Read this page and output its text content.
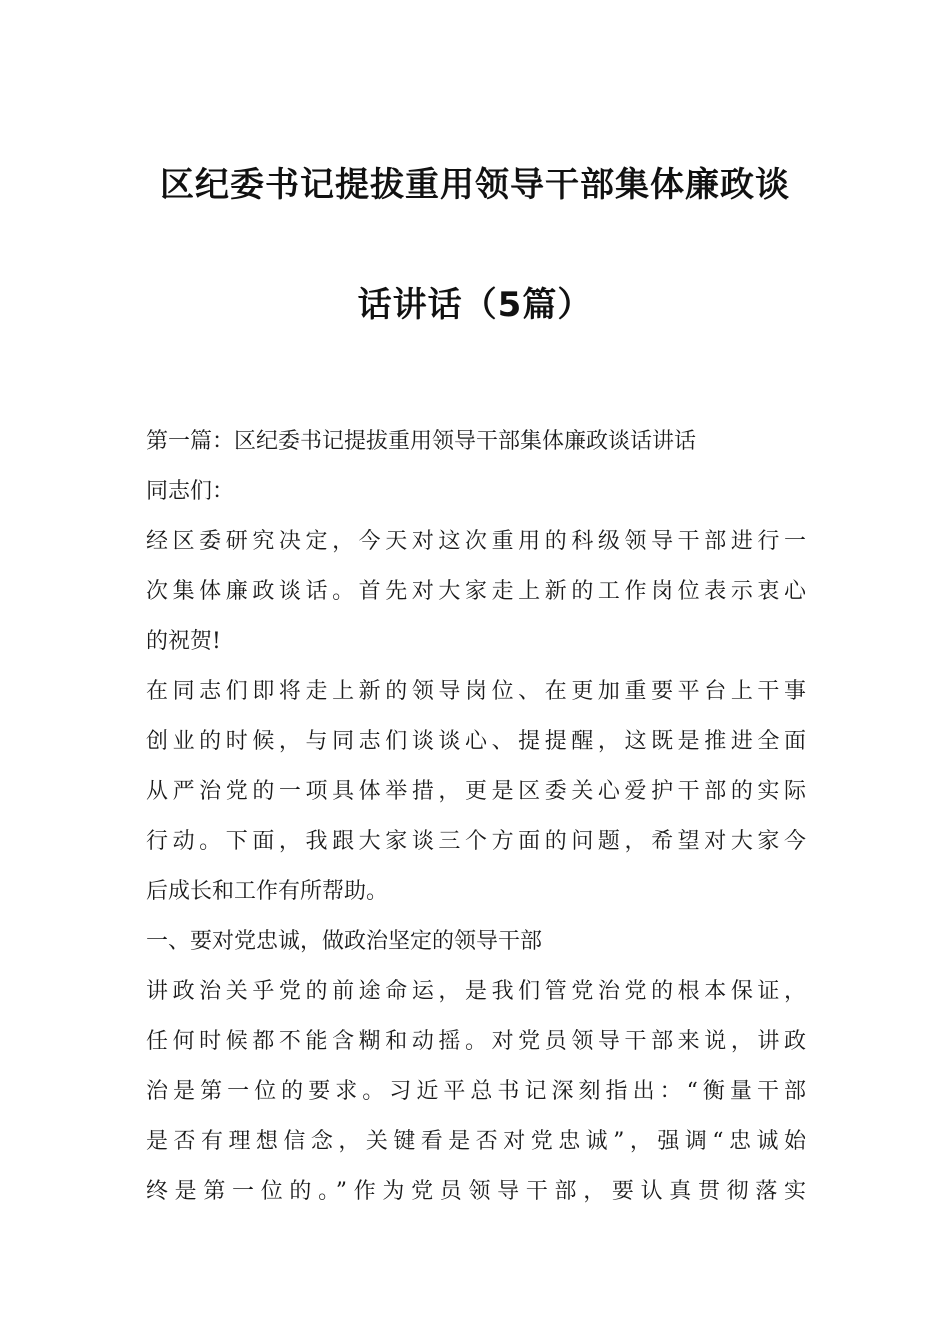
区纪委书记提拔重用领导干部集体廉政谈
话讲话（5篇）

第一篇：区纪委书记提拔重用领导干部集体廉政谈话讲话

同志们：

经区委研究决定，今天对这次重用的科级领导干部进行一
次集体廉政谈话。首先对大家走上新的工作岗位表示衷心
的祝贺!

在同志们即将走上新的领导岗位、在更加重要平台上干事
创业的时候，与同志们谈谈心、提提醒，这既是推进全面
从严治党的一项具体举措，更是区委关心爱护干部的实际
行动。下面，我跟大家谈三个方面的问题，希望对大家今
后成长和工作有所帮助。

一、要对党忠诚，做政治坚定的领导干部

讲政治关乎党的前途命运，是我们管党治党的根本保证，
任何时候都不能含糊和动摇。对党员领导干部来说，讲政
治是第一位的要求。习近平总书记深刻指出：“衡量干部
是否有理想信念，关键看是否对党忠诚”，强调“忠诚始
终是第一位的。”作为党员领导干部，要认真贯彻落实
